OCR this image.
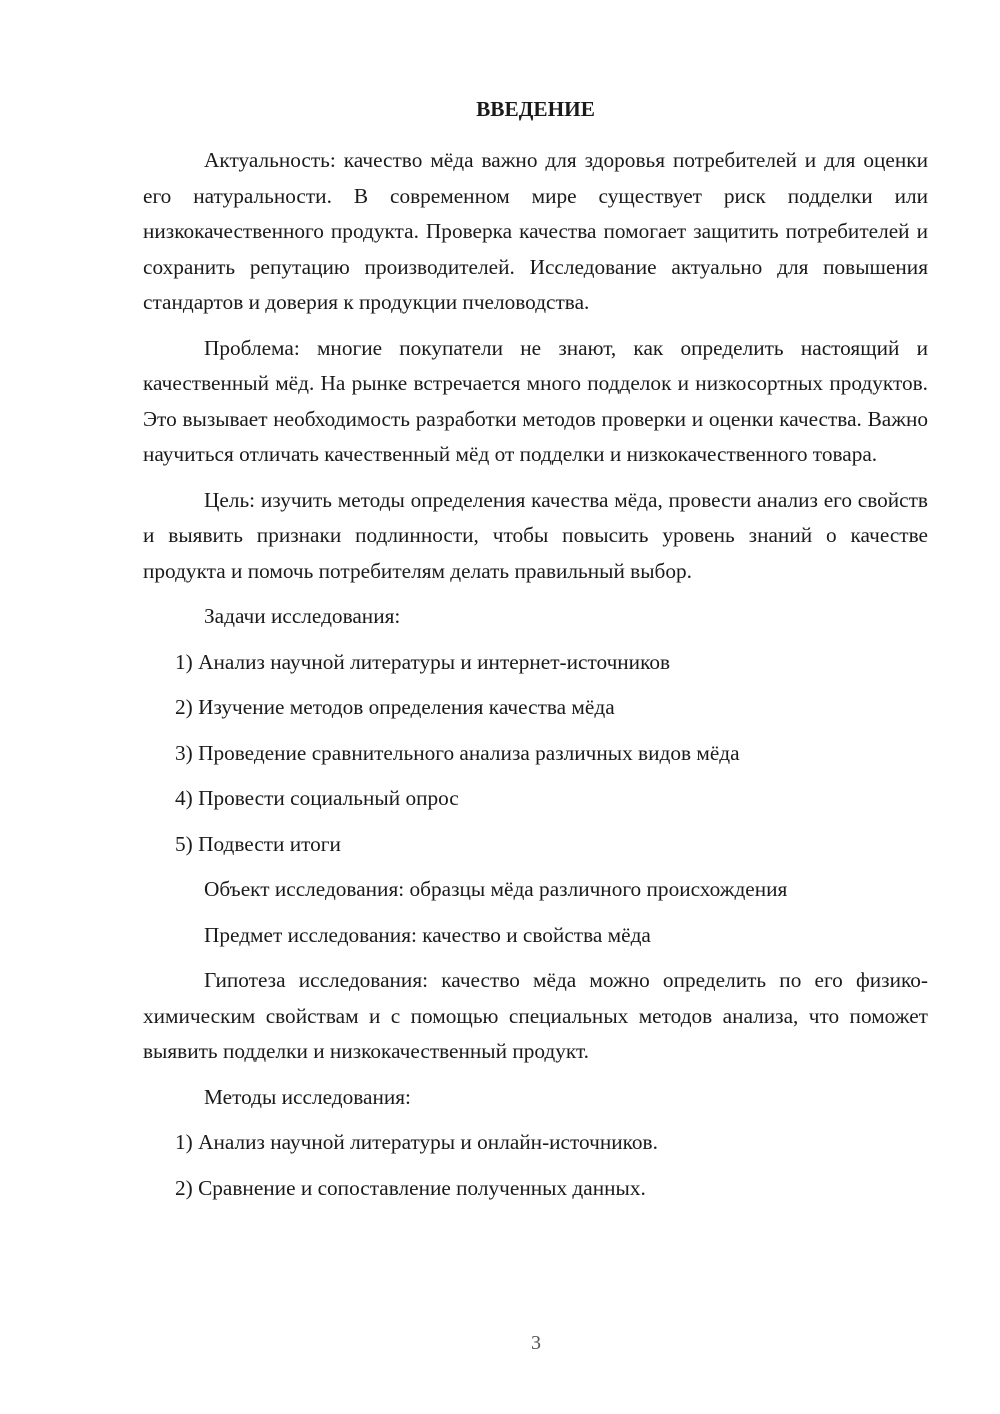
ВВЕДЕНИЕ

Актуальность: качество мёда важно для здоровья потребителей и для оценки его натуральности. В современном мире существует риск подделки или низкокачественного продукта. Проверка качества помогает защитить потребителей и сохранить репутацию производителей. Исследование актуально для повышения стандартов и доверия к продукции пчеловодства.

Проблема: многие покупатели не знают, как определить настоящий и качественный мёд. На рынке встречается много подделок и низкосортных продуктов. Это вызывает необходимость разработки методов проверки и оценки качества. Важно научиться отличать качественный мёд от подделки и низкокачественного товара.

Цель: изучить методы определения качества мёда, провести анализ его свойств и выявить признаки подлинности, чтобы повысить уровень знаний о качестве продукта и помочь потребителям делать правильный выбор.

Задачи исследования:

1) Анализ научной литературы и интернет-источников

2) Изучение методов определения качества мёда

3) Проведение сравнительного анализа различных видов мёда

4) Провести социальный опрос

5) Подвести итоги

Объект исследования: образцы мёда различного происхождения

Предмет исследования: качество и свойства мёда

Гипотеза исследования: качество мёда можно определить по его физико-химическим свойствам и с помощью специальных методов анализа, что поможет выявить подделки и низкокачественный продукт.

Методы исследования:

1) Анализ научной литературы и онлайн-источников.

2) Сравнение и сопоставление полученных данных.

3
